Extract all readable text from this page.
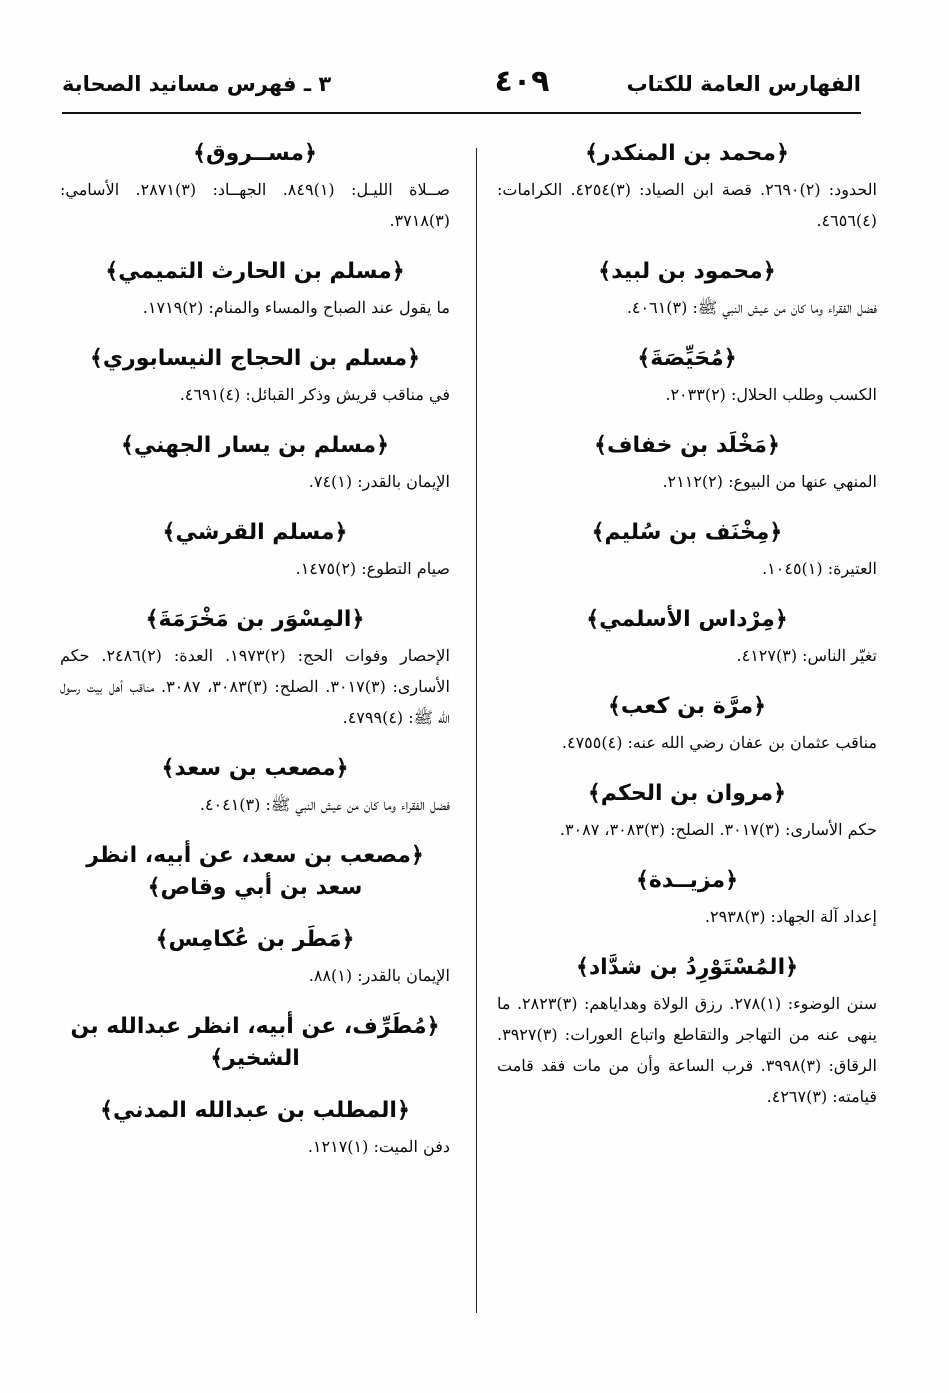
الفهارس العامة للكتاب
٤٠٩
٣ ـ فهرس مسانيد الصحابة
﴿محمد بن المنكدر﴾

الحدود: (٢)٢٦٩٠. قصة ابن الصياد: (٣)٤٢٥٤. الكرامات: (٤)٤٦٥٦.

﴿محمود بن لبيد﴾

فضل الفقراء وما كان من عيش النبي ﷺ: (٣)٤٠٦١.

﴿مُحَيِّصَةَ﴾

الكسب وطلب الحلال: (٢)٢٠٣٣.

﴿مَخْلَد بن خفاف﴾

المنهي عنها من البيوع: (٢)٢١١٢.

﴿مِخْنَف بن سُليم﴾

العتيرة: (١)١٠٤٥.

﴿مِرْداس الأسلمي﴾

تغيّر الناس: (٣)٤١٢٧.

﴿مرَّة بن كعب﴾

مناقب عثمان بن عفان رضي الله عنه: (٤)٤٧٥٥.

﴿مروان بن الحكم﴾

حكم الأسارى: (٣)٣٠١٧. الصلح: (٣)٣٠٨٣، ٣٠٨٧.

﴿مزيــدة﴾

إعداد آلة الجهاد: (٣)٢٩٣٨.

﴿المُسْتَوْرِدُ بن شدَّاد﴾

سنن الوضوء: (١)٢٧٨. رزق الولاة وهداياهم: (٣)٢٨٢٣. ما ينهى عنه من التهاجر والتقاطع واتباع العورات: (٣)٣٩٢٧. الرقاق: (٣)٣٩٩٨. قرب الساعة وأن من مات فقد قامت قيامته: (٣)٤٢٦٧.

﴿مســروق﴾

صــلاة الليـل: (١)٨٤٩. الجهــاد: (٣)٢٨٧١. الأسامي: (٣)٣٧١٨.

﴿مسلم بن الحارث التميمي﴾

ما يقول عند الصباح والمساء والمنام: (٢)١٧١٩.

﴿مسلم بن الحجاج النيسابوري﴾

في مناقب قريش وذكر القبائل: (٤)٤٦٩١.

﴿مسلم بن يسار الجهني﴾

الإيمان بالقدر: (١)٧٤.

﴿مسلم القرشي﴾

صيام التطوع: (٢)١٤٧٥.

﴿المِسْوَر بن مَخْرَمَةَ﴾

الإحصار وفوات الحج: (٢)١٩٧٣. العدة: (٢)٢٤٨٦. حكم الأسارى: (٣)٣٠١٧. الصلح: (٣)٣٠٨٣، ٣٠٨٧. مناقب أهل بيت رسول الله ﷺ: (٤)٤٧٩٩.

﴿مصعب بن سعد﴾

فضل الفقراء وما كان من عيش النبي ﷺ: (٣)٤٠٤١.

﴿مصعب بن سعد، عن أبيه، انظر سعد بن أبي وقاص﴾
﴿مَطَر بن عُكامِس﴾

الإيمان بالقدر: (١)٨٨.

﴿مُطَرِّف، عن أبيه، انظر عبدالله بن الشخير﴾
﴿المطلب بن عبدالله المدني﴾

دفن الميت: (١)١٢١٧.
